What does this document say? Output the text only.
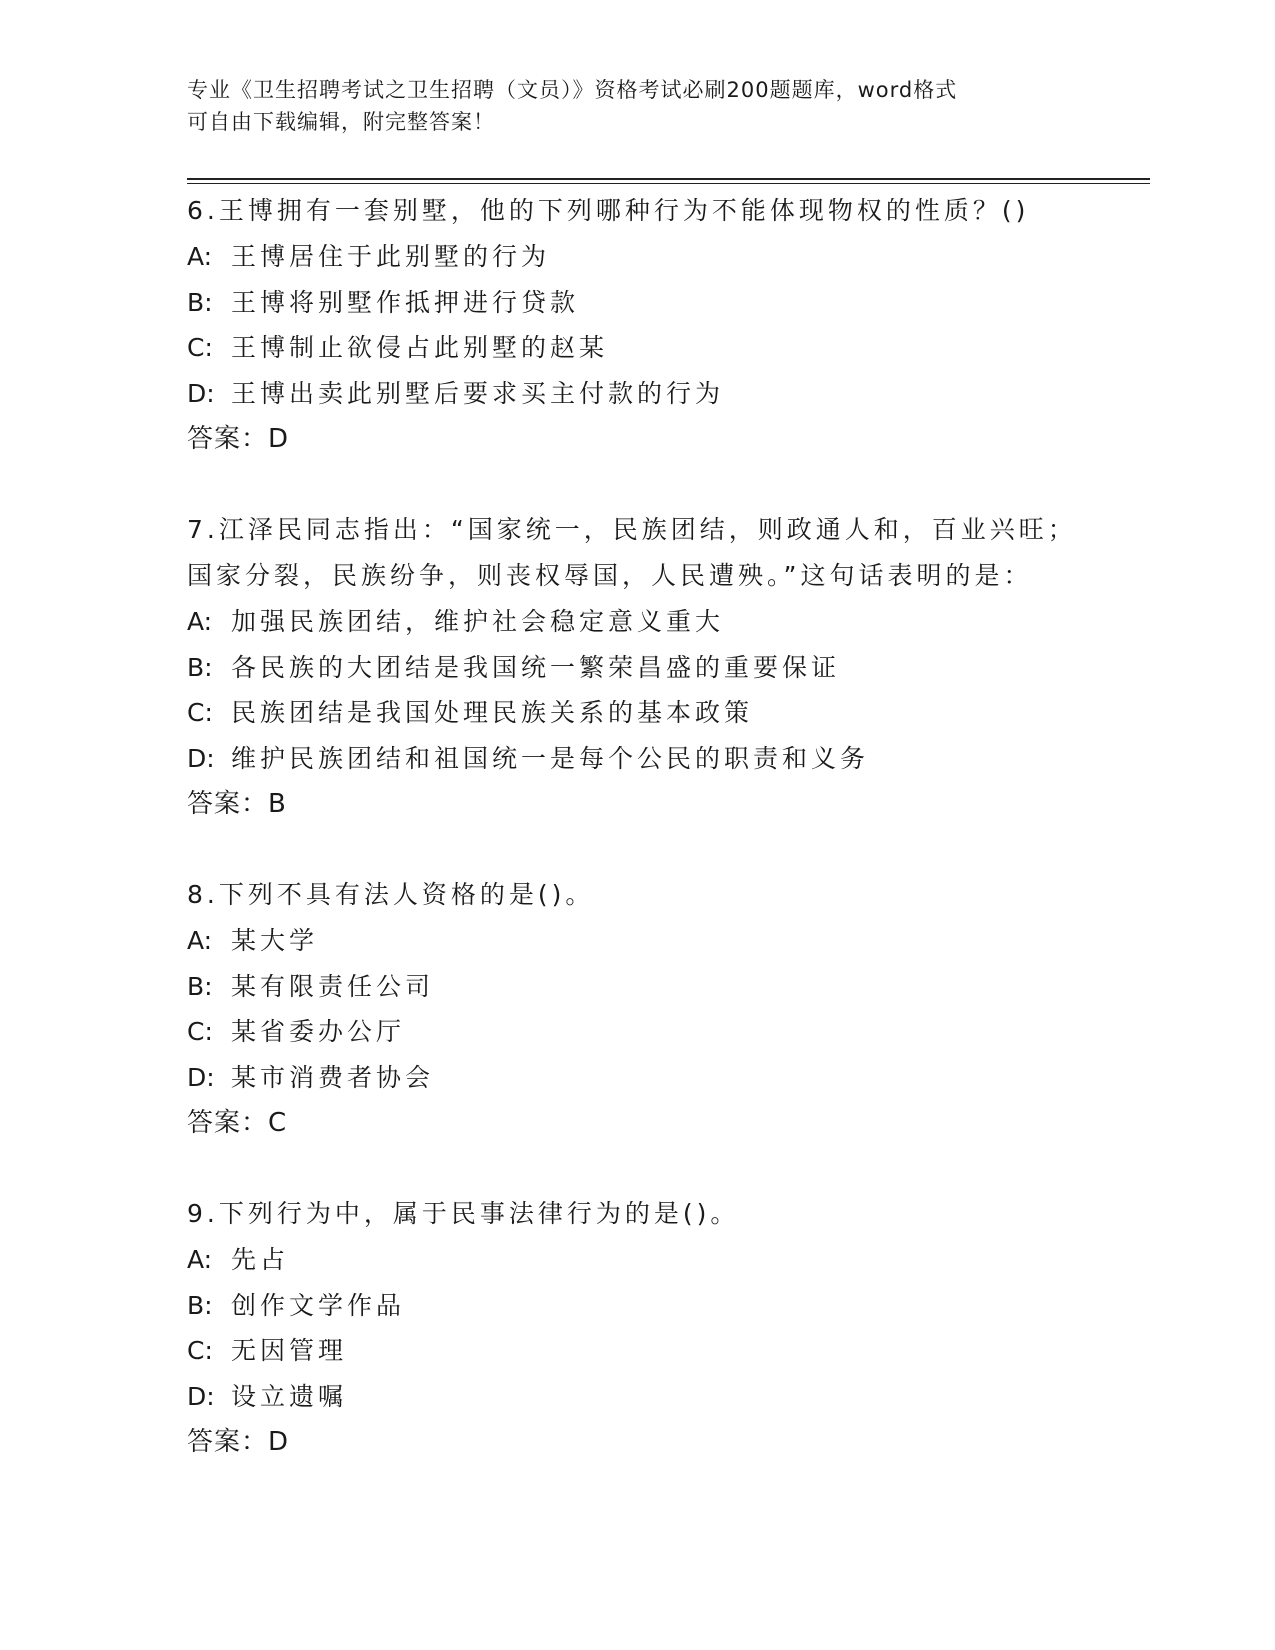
专业《卫生招聘考试之卫生招聘（文员）》资格考试必刷200题题库，word格式
可自由下载编辑，附完整答案！
6.王博拥有一套别墅，他的下列哪种行为不能体现物权的性质？()
A: 王博居住于此别墅的行为
B: 王博将别墅作抵押进行贷款
C: 王博制止欲侵占此别墅的赵某
D: 王博出卖此别墅后要求买主付款的行为
答案：D
7.江泽民同志指出：“国家统一，民族团结，则政通人和，百业兴旺；
国家分裂，民族纷争，则丧权辱国，人民遭殃。”这句话表明的是：
A: 加强民族团结，维护社会稳定意义重大
B: 各民族的大团结是我国统一繁荣昌盛的重要保证
C: 民族团结是我国处理民族关系的基本政策
D: 维护民族团结和祖国统一是每个公民的职责和义务
答案：B
8.下列不具有法人资格的是()。
A: 某大学
B: 某有限责任公司
C: 某省委办公厅
D: 某市消费者协会
答案：C
9.下列行为中，属于民事法律行为的是()。
A: 先占
B: 创作文学作品
C: 无因管理
D: 设立遗嘱
答案：D
